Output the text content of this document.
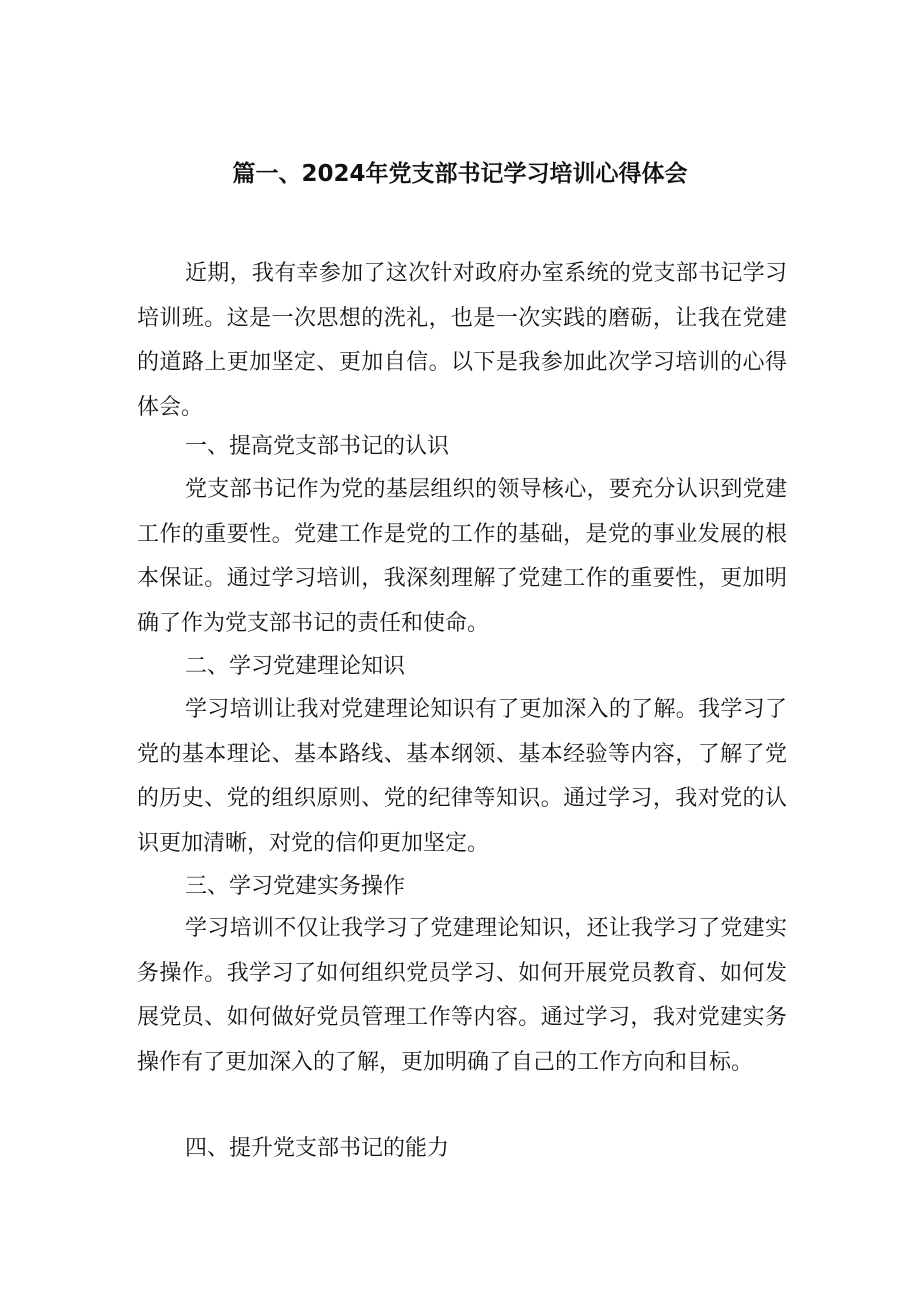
篇一、2024年党支部书记学习培训心得体会

近期，我有幸参加了这次针对政府办室系统的党支部书记学习培训班。这是一次思想的洗礼，也是一次实践的磨砺，让我在党建的道路上更加坚定、更加自信。以下是我参加此次学习培训的心得体会。

一、提高党支部书记的认识

党支部书记作为党的基层组织的领导核心，要充分认识到党建工作的重要性。党建工作是党的工作的基础，是党的事业发展的根本保证。通过学习培训，我深刻理解了党建工作的重要性，更加明确了作为党支部书记的责任和使命。

二、学习党建理论知识

学习培训让我对党建理论知识有了更加深入的了解。我学习了党的基本理论、基本路线、基本纲领、基本经验等内容，了解了党的历史、党的组织原则、党的纪律等知识。通过学习，我对党的认识更加清晰，对党的信仰更加坚定。

三、学习党建实务操作

学习培训不仅让我学习了党建理论知识，还让我学习了党建实务操作。我学习了如何组织党员学习、如何开展党员教育、如何发展党员、如何做好党员管理工作等内容。通过学习，我对党建实务操作有了更加深入的了解，更加明确了自己的工作方向和目标。

四、提升党支部书记的能力
